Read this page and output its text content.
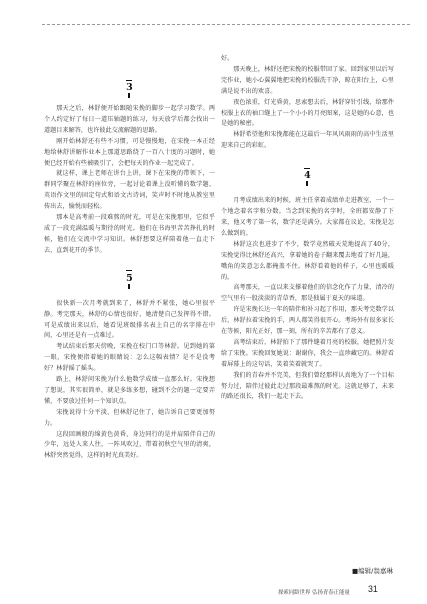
3

那天之后，林舒便开始跟随宋挽的脚步一起学习数学。两个人约定好了每日一道压轴题的练习，每天放学后都会找出一道题目来解答，也许彼此交流解题的思路。

刚开始林舒还有些不习惯，可是慢慢地，在宋挽一本正经地给林舒讲解作业本上那道思路绕了一百八十度的习题时，她便已经开始有些被吸引了，会把每天的作业一起完成了。

就这样，课上老师在讲台上讲，课下在宋挽的带领下，一群同学聚在林舒的座位旁，一起讨论着课上没听懂的数学题、英语作文里的固定句式和语文古诗词，笑声时不时地从教室里传出去，愉悦而轻松。

那本是高考前一段难熬的时光，可是在宋挽那里，它似乎成了一段充满温暖与期待的时光。他们在书海里苦苦挣扎的时候，他们在交流中学习知识。林舒想要这样陪着他一直走下去，直到花开的季节。

5

很快新一次月考就到来了，林舒并不紧张，她心里很平静。考完那天，林舒的心情也很好，她清楚自己发挥得不错。可是成绩出来以后，她看见班级排名表上自己的名字排在中间，心里还是有一点难过。

考试结束后那天傍晚，宋挽在校门口等林舒。见到她的第一眼，宋挽便指着她的眼睛说：怎么这幅表情？是不是没考好？林舒摇了摇头。

路上，林舒问宋挽为什么他数学成绩一直那么好。宋挽想了想说，其实很简单，就是多练多想，碰到不会的题一定要弄懂，不要放过任何一个知识点。

宋挽说得十分平淡，但林舒记住了，她告诉自己要更加努力。

这段回画般的绵黄色黄昏，身边同行的是并肩陪伴自己的少年，远处人来人往，一阵风吹过，带着初秋空气里的清爽，林舒突然觉得，这样的时光真美好。

好。

那天晚上，林舒还把宋挽的校服带回了家。回到家里以后写完作业，她小心翼翼地把宋挽的校服洗干净，晾在阳台上，心里满是说不出的欢喜。

夜色浓重，灯光昏黄，思索想去后，林舒穿针引线，给那件校服上衣的袖口缝上了一个小小的月亮图案，这是她的心意，也是她的秘密。

林舒希望他和宋挽都能在这最后一年风风雨雨的高中生活里迎来自己的彩虹。

4

月考成绩出来的时候，班主任拿着成绩单走进教室，一个一个地念着名字和分数。当念到宋挽的名字时，全班都安静了下来，他又考了第一名，数学还是满分。大家都在议论，宋挽是怎么做到的。

林舒这次也进步了不少，数学竟然破天荒地提高了40分，宋挽觉得比林舒还高兴，拿着她的卷子翻来覆去地看了好几遍，嘴角的笑意怎么都掩盖不住。林舒看着他的样子，心里也暖暖的。

高考那天，一直以来支撑着他们的信念化作了力量，清冷的空气里有一股淡淡的青草香，那是独属于夏天的味道。

许是宋挽长达一年的陪伴和补习起了作用，那天考完数学以后，林舒拉着宋挽的手，两人都笑得很开心。考场外有很多家长在等候，阳光正好，那一刻，所有的辛苦都有了意义。

高考结束后，林舒拍下了那件缝着月亮的校服，她把照片发给了宋挽。宋挽回复她说：谢谢你，我会一直珍藏它的。林舒看着屏幕上的这句话，笑着笑着就哭了。

我们的青春并不完美，但我们曾经那样认真地为了一个目标努力过，陪伴过彼此走过那段最难熬的时光。这就足够了，未来的路还很长，我们一起走下去。

■编辑/翁嘉琳
探索同龄世界 弘扬青春正能量 31
